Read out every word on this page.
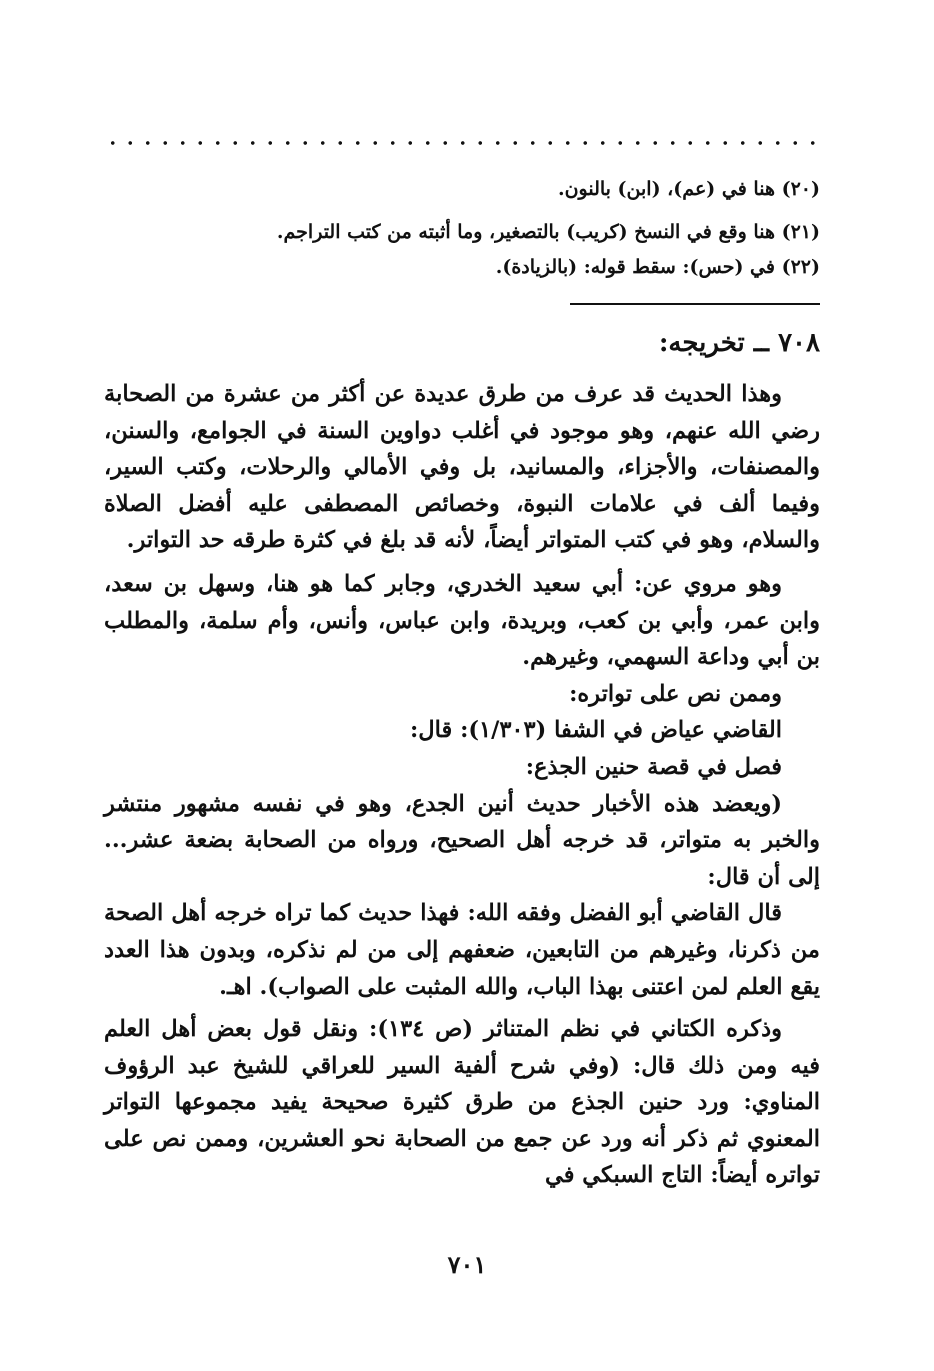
(٢٠) هنا في (عم)، (ابن) بالنون.
(٢١) هنا وقع في النسخ (كريب) بالتصغير، وما أثبته من كتب التراجم.
(٢٢) في (حس): سقط قوله: (بالزيادة).
٧٠٨ ــ تخريجه:

وهذا الحديث قد عرف من طرق عديدة عن أكثر من عشرة من الصحابة رضي الله عنهم، وهو موجود في أغلب دواوين السنة في الجوامع، والسنن، والمصنفات، والأجزاء، والمسانيد، بل وفي الأمالي والرحلات، وكتب السير، وفيما ألف في علامات النبوة، وخصائص المصطفى عليه أفضل الصلاة والسلام، وهو في كتب المتواتر أيضاً، لأنه قد بلغ في كثرة طرقه حد التواتر.

وهو مروي عن: أبي سعيد الخدري، وجابر كما هو هنا، وسهل بن سعد، وابن عمر، وأبي بن كعب، وبريدة، وابن عباس، وأنس، وأم سلمة، والمطلب بن أبي وداعة السهمي، وغيرهم.

وممن نص على تواتره:

القاضي عياض في الشفا (١/٣٠٣): قال:

فصل في قصة حنين الجذع:

(ويعضد هذه الأخبار حديث أنين الجدع، وهو في نفسه مشهور منتشر والخبر به متواتر، قد خرجه أهل الصحيح، ورواه من الصحابة بضعة عشر... إلى أن قال:

قال القاضي أبو الفضل وفقه الله: فهذا حديث كما تراه خرجه أهل الصحة من ذكرنا، وغيرهم من التابعين، ضعفهم إلى من لم نذكره، وبدون هذا العدد يقع العلم لمن اعتنى بهذا الباب، والله المثبت على الصواب). اهـ.

وذكره الكتاني في نظم المتناثر (ص ١٣٤): ونقل قول بعض أهل العلم فيه ومن ذلك قال: (وفي شرح ألفية السير للعراقي للشيخ عبد الرؤوف المناوي: ورد حنين الجذع من طرق كثيرة صحيحة يفيد مجموعها التواتر المعنوي ثم ذكر أنه ورد عن جمع من الصحابة نحو العشرين، وممن نص على تواتره أيضاً: التاج السبكي في

٧٠١
